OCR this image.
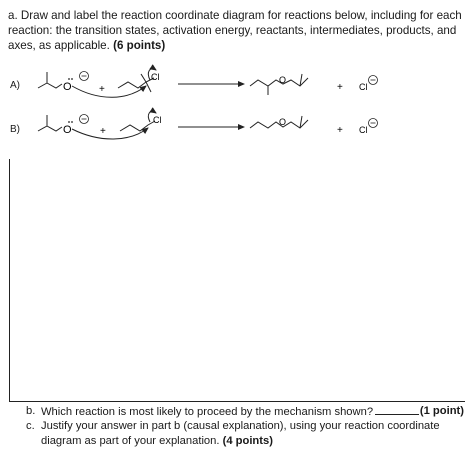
a. Draw and label the reaction coordinate diagram for reactions below, including for each reaction: the transition states, activation energy, reactants, intermediates, products, and axes, as applicable. (6 points)
A)
B)
O	+
Cl	O
+ Cl
O	+
Cl	O
+ Cl
b. Which reaction is most likely to proceed by the mechanism shown?	(1 point)
c. Justify your answer in part b (causal explanation), using your reaction coordinate diagram as part of your explanation. (4 points)
